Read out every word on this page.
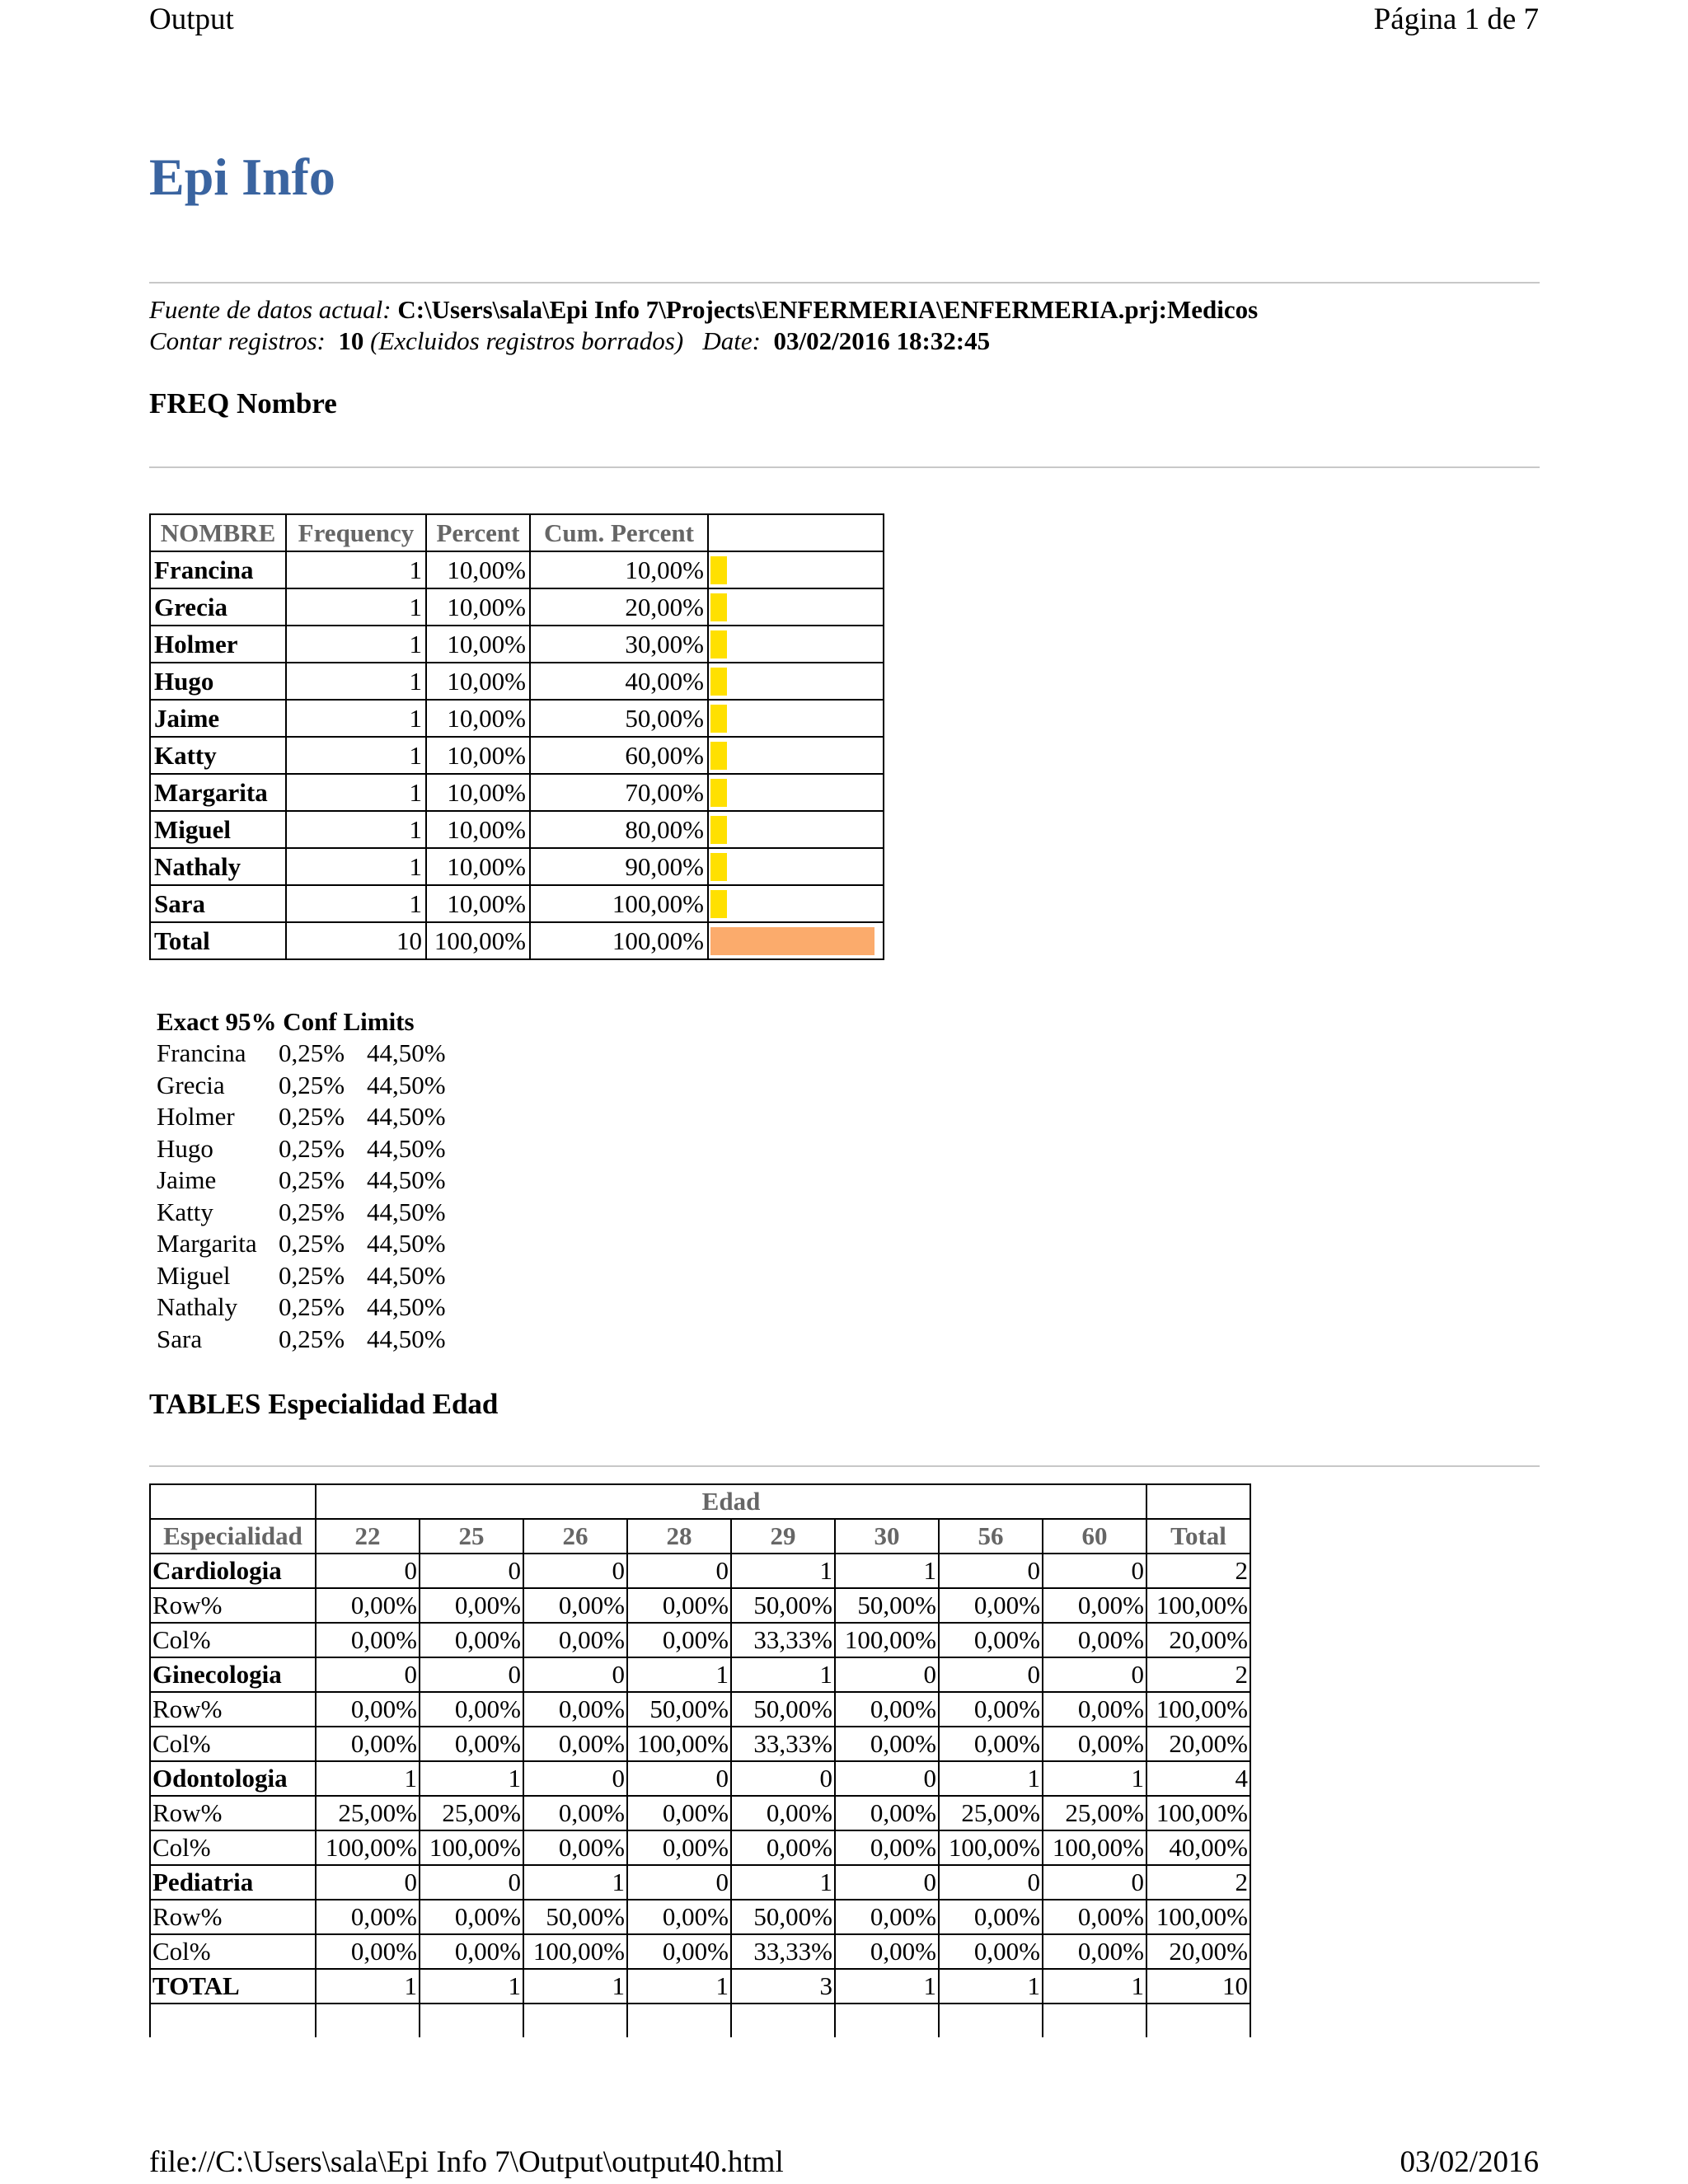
Output	Página 1 de 7
Epi Info
Fuente de datos actual: C:\Users\sala\Epi Info 7\Projects\ENFERMERIA\ENFERMERIA.prj:Medicos
Contar registros: 10 (Excluidos registros borrados) Date: 03/02/2016 18:32:45
FREQ Nombre
NOMBRE	Frequency	Percent	Cum. Percent	
Francina	1	10,00%	10,00%	

Grecia	1	10,00%	20,00%	

Holmer	1	10,00%	30,00%	

Hugo	1	10,00%	40,00%	

Jaime	1	10,00%	50,00%	

Katty	1	10,00%	60,00%	

Margarita	1	10,00%	70,00%	

Miguel	1	10,00%	80,00%	

Nathaly	1	10,00%	90,00%	

Sara	1	10,00%	100,00%	

Total	10	100,00%	100,00%	
Exact 95% Conf Limits
Francina 0,25% 44,50%
Grecia 0,25% 44,50%
Holmer 0,25% 44,50%
Hugo	0,25% 44,50%
Jaime 0,25% 44,50%
Katty	0,25% 44,50%
Margarita 0,25% 44,50%
Miguel 0,25% 44,50%
Nathaly 0,25% 44,50%
Sara	0,25% 44,50%
TABLES Especialidad Edad
	Edad								
Especialidad	22	25	26	28	29	30	56	60	Total
Cardiologia	0	0	0	0	1	1	0	0	2
Row%	0,00%	0,00%	0,00%	0,00%	50,00%	50,00%	0,00%	0,00%	100,00%
Col%	0,00%	0,00%	0,00%	0,00%	33,33%	100,00%	0,00%	0,00%	20,00%
Ginecologia	0	0	0	1	1	0	0	0	2
Row%	0,00%	0,00%	0,00%	50,00%	50,00%	0,00%	0,00%	0,00%	100,00%
Col%	0,00%	0,00%	0,00%	100,00%	33,33%	0,00%	0,00%	0,00%	20,00%
Odontologia	1	1	0	0	0	0	1	1	4
Row%	25,00%	25,00%	0,00%	0,00%	0,00%	0,00%	25,00%	25,00%	100,00%
Col%	100,00%	100,00%	0,00%	0,00%	0,00%	0,00%	100,00%	100,00%	40,00%
Pediatria	0	0	1	0	1	0	0	0	2
Row%	0,00%	0,00%	50,00%	0,00%	50,00%	0,00%	0,00%	0,00%	100,00%
Col%	0,00%	0,00%	100,00%	0,00%	33,33%	0,00%	0,00%	0,00%	20,00%
TOTAL	1	1	1	1	3	1	1	1	10

file://C:\Users\sala\Epi Info 7\Output\output40.html	03/02/2016
